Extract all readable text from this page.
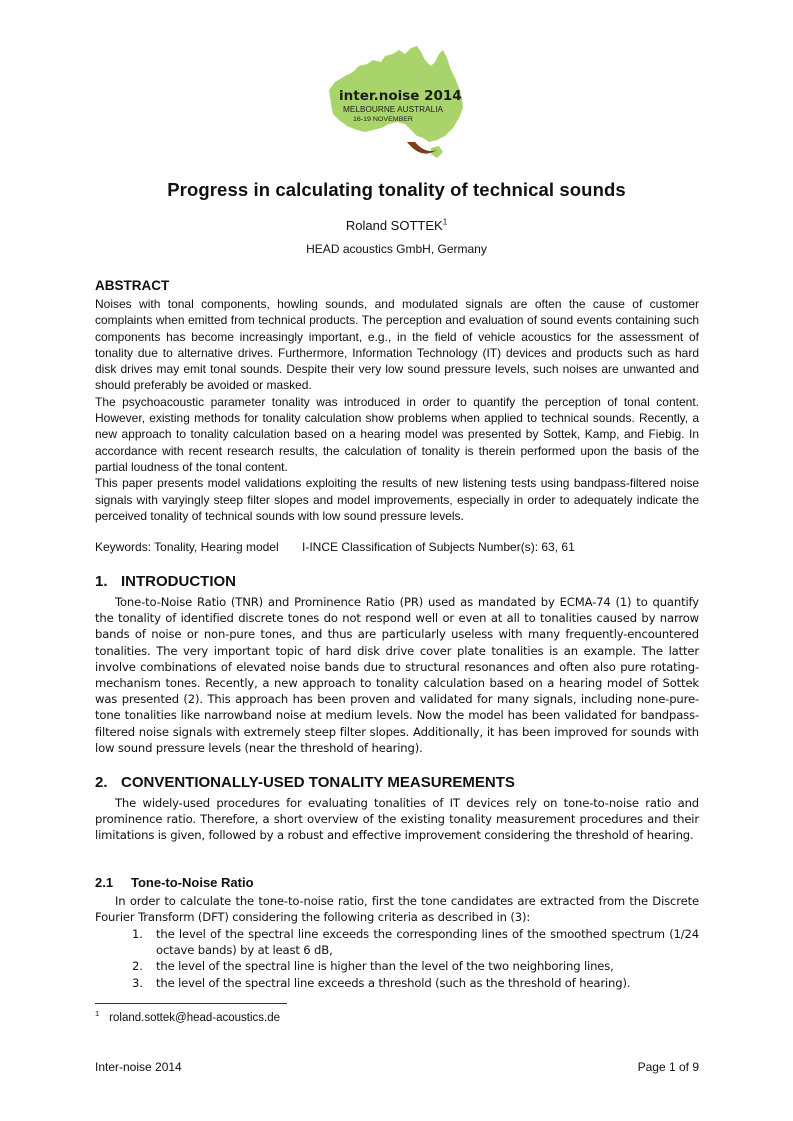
inter.noise 2014
MELBOURNE AUSTRALIA
16-19 NOVEMBER
Progress in calculating tonality of technical sounds
Roland SOTTEK$^1$
HEAD acoustics GmbH, Germany
ABSTRACT

Noises with tonal components, howling sounds, and modulated signals are often the cause of customer complaints when emitted from technical products. The perception and evaluation of sound events containing such components has become increasingly important, e.g., in the field of vehicle acoustics for the assessment of tonality due to alternative drives. Furthermore, Information Technology (IT) devices and products such as hard disk drives may emit tonal sounds. Despite their very low sound pressure levels, such noises are unwanted and should preferably be avoided or masked.

The psychoacoustic parameter tonality was introduced in order to quantify the perception of tonal content. However, existing methods for tonality calculation show problems when applied to technical sounds. Recently, a new approach to tonality calculation based on a hearing model was presented by Sottek, Kamp, and Fiebig. In accordance with recent research results, the calculation of tonality is therein performed upon the basis of the partial loudness of the tonal content.

This paper presents model validations exploiting the results of new listening tests using bandpass-filtered noise signals with varyingly steep filter slopes and model improvements, especially in order to adequately indicate the perceived tonality of technical sounds with low sound pressure levels.

Keywords: Tonality, Hearing model       I-INCE Classification of Subjects Number(s): 63, 61
1. INTRODUCTION

Tone-to-Noise Ratio (TNR) and Prominence Ratio (PR) used as mandated by ECMA-74 (1) to quantify the tonality of identified discrete tones do not respond well or even at all to tonalities caused by narrow bands of noise or non-pure tones, and thus are particularly useless with many frequently-encountered tonalities. The very important topic of hard disk drive cover plate tonalities is an example. The latter involve combinations of elevated noise bands due to structural resonances and often also pure rotating-mechanism tones. Recently, a new approach to tonality calculation based on a hearing model of Sottek was presented (2). This approach has been proven and validated for many signals, including none-pure-tone tonalities like narrowband noise at medium levels. Now the model has been validated for bandpass-filtered noise signals with extremely steep filter slopes. Additionally, it has been improved for sounds with low sound pressure levels (near the threshold of hearing).

2. CONVENTIONALLY-USED TONALITY MEASUREMENTS

The widely-used procedures for evaluating tonalities of IT devices rely on tone-to-noise ratio and prominence ratio. Therefore, a short overview of the existing tonality measurement procedures and their limitations is given, followed by a robust and effective improvement considering the threshold of hearing.

2.1 Tone-to-Noise Ratio

In order to calculate the tone-to-noise ratio, first the tone candidates are extracted from the Discrete Fourier Transform (DFT) considering the following criteria as described in (3):

1. the level of the spectral line exceeds the corresponding lines of the smoothed spectrum (1/24 octave bands) by at least 6 dB,
2. the level of the spectral line is higher than the level of the two neighboring lines,
3. the level of the spectral line exceeds a threshold (such as the threshold of hearing).
$^1$ roland.sottek@head-acoustics.de
Inter-noise 2014	Page 1 of 9
